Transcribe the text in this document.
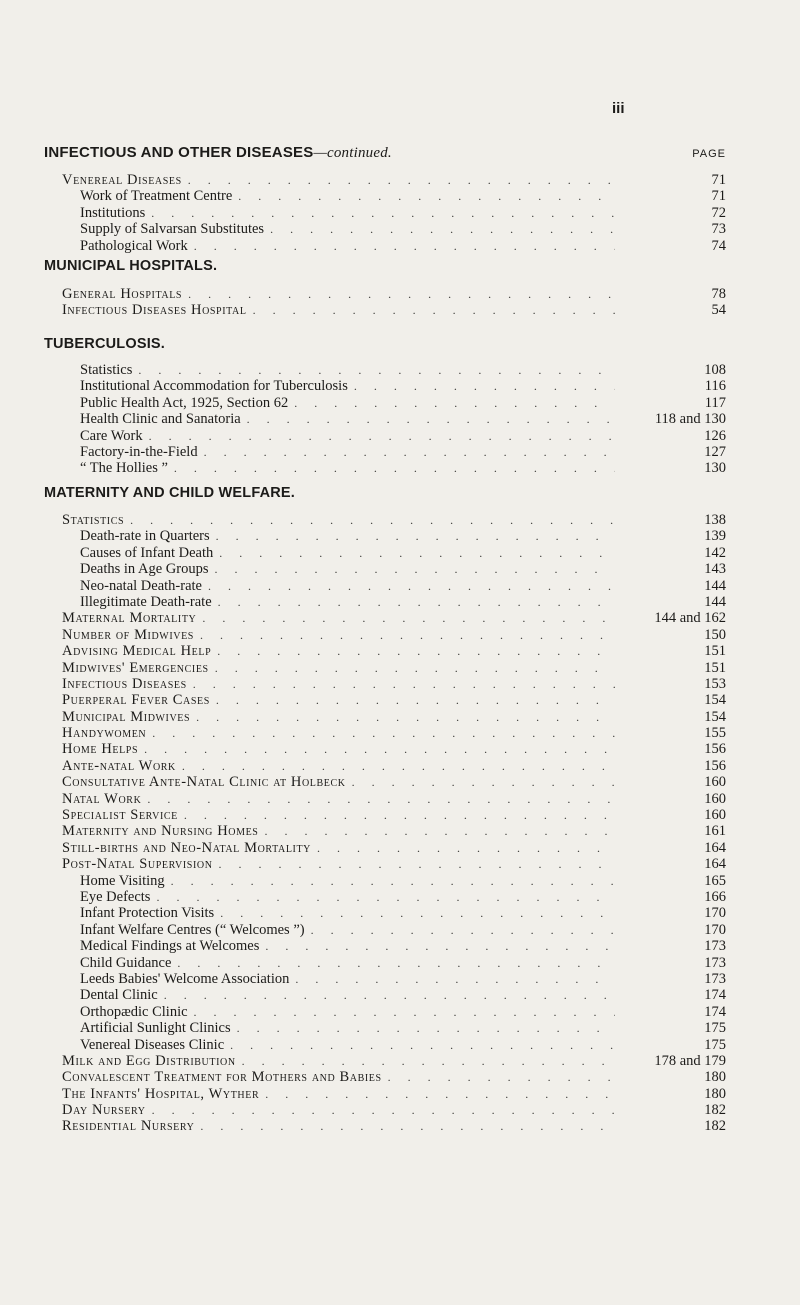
iii
INFECTIOUS AND OTHER DISEASES—continued.	PAGE
Venereal Diseases . . .	71
Work of Treatment Centre . . .	71
Institutions . . .	72
Supply of Salvarsan Substitutes . . .	73
Pathological Work . . .	74
MUNICIPAL HOSPITALS.
General Hospitals . . .	78
Infectious Diseases Hospital . . .	54
TUBERCULOSIS.
Statistics . . .	108
Institutional Accommodation for Tuberculosis . . .	116
Public Health Act, 1925, Section 62 . . .	117
Health Clinic and Sanatoria . . .	118 and 130
Care Work . . .	126
Factory-in-the-Field . . .	127
“ The Hollies ” . . .	130
MATERNITY AND CHILD WELFARE.
Statistics . . .	138
Death-rate in Quarters . . .	139
Causes of Infant Death . . .	142
Deaths in Age Groups . . .	143
Neo-natal Death-rate . . .	144
Illegitimate Death-rate . . .	144
Maternal Mortality . . .	144 and 162
Number of Midwives . . .	150
Advising Medical Help . . .	151
Midwives' Emergencies . . .	151
Infectious Diseases . . .	153
Puerperal Fever Cases . . .	154
Municipal Midwives . . .	154
Handywomen . . .	155
Home Helps . . .	156
Ante-natal Work . . .	156
Consultative Ante-Natal Clinic at Holbeck . . .	160
Natal Work . . .	160
Specialist Service . . .	160
Maternity and Nursing Homes . . .	161
Still-births and Neo-Natal Mortality . . .	164
Post-Natal Supervision . . .	164
Home Visiting . . .	165
Eye Defects . . .	166
Infant Protection Visits . . .	170
Infant Welfare Centres (“ Welcomes ”) . . .	170
Medical Findings at Welcomes . . .	173
Child Guidance . . .	173
Leeds Babies' Welcome Association . . .	173
Dental Clinic . . .	174
Orthopædic Clinic . . .	174
Artificial Sunlight Clinics . . .	175
Venereal Diseases Clinic . . .	175
Milk and Egg Distribution . . .	178 and 179
Convalescent Treatment for Mothers and Babies . . .	180
The Infants' Hospital, Wyther . . .	180
Day Nursery . . .	182
Residential Nursery . . .	182
